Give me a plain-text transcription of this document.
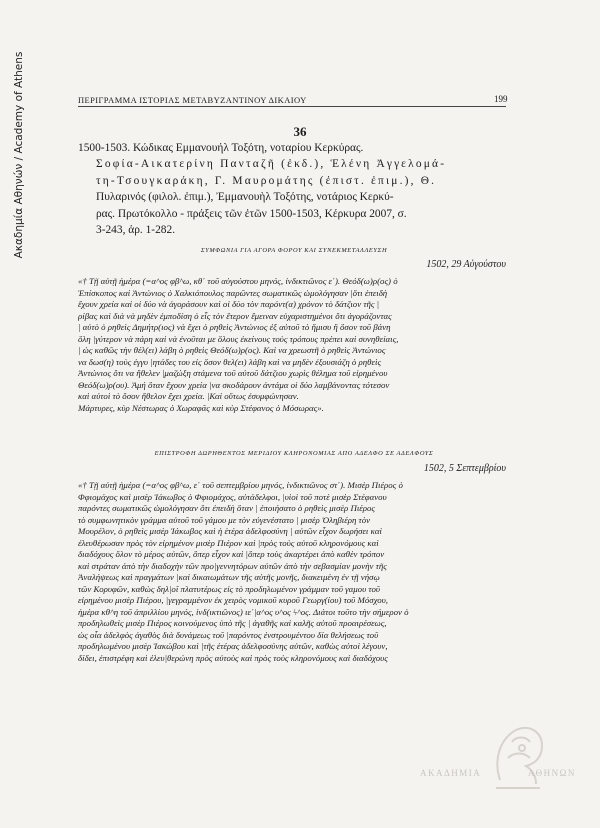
Ακαδημία Αθηνών / Academy of Athens	ΠΕΡΙΓΡΑΜΜΑ ΙΣΤΟΡΙΑΣ ΜΕΤΑΒΥΖΑΝΤΙΝΟΥ ΔΙΚΑΙΟΥ	199
36
1500-1503. Κώδικας Εμμανουήλ Τοξότη, νοταρίου Κερκύρας.
Σοφία-Αικατερίνη Πανταζῆ (ἐκδ.), Ἑλένη Ἀγγελομά-
τη-Τσουγκαράκη, Γ. Μαυρομάτης (ἐπιστ. ἐπιμ.), Θ.
Πυλαρινός (φιλολ. ἐπιμ.), Ἐμμανουὴλ Τοξότης, νοτάριος Κερκύ-
ρας. Πρωτόκολλο - πράξεις τῶν ἐτῶν 1500-1503, Κέρκυρα 2007, σ.
3-243, ἀρ. 1-282.
ΣΥΜΦΩΝΙΑ ΓΙΑ ΑΓΟΡΑ ΦΟΡΟΥ ΚΑΙ ΣΥΝΕΚΜΕΤΑΛΛΕΥΣΗ
1502, 29 Αὐγούστου
«† Τῇ αὐτῇ ἡμέρα (=α^ος φβ^ω, κθ΄ τοῦ αὐγούστου μηνός, ἰνδικτιῶνος ε΄). Θεόδ(ω)ρ(ος) ὁ
Ἐπίσκοπος καὶ Ἀντώνιος ὁ Χαλκιόπουλος παρῶντες σωματικῶς ὡμολόγησαν |ὅτι ἐπειδὴ
ἔχουν χρεία καὶ οἱ δύο νὰ ἀγοράσουν καὶ οἱ δύο τὸν παρόντ(α) χρόνον τὸ δάτζιον τῆς |
ρίβας καὶ διὰ νὰ μηδὲν ἐμποδίση ὁ εἷς τὸν ἕτερον ἔμειναν εὐχαριστημένοι ὅτι ἀγοράζοντας
| αὐτὸ ὁ ρηθεὶς Δημήτρ(ιος) νὰ ἔχει ὁ ρηθεὶς Ἀντώνιος ἐξ αὐτοῦ τὸ ἥμισυ ἢ ὅσον τοῦ βάνη
ὅλη |γύτερον νὰ πάρη καὶ νὰ ἐνοῦται με ὅλους ἐκείνους τοὺς τρόπους πρέπει καὶ συνηθείαις,
| ὡς καθῶς τὴν θέλ(ει) λάβη ὁ ρηθεὶς Θεόδ(ω)ρ(ος). Καὶ να χρεωστῆ ὁ ρηθεὶς Ἀντώνιος
να δωσ(η) τοὺς ἐγγυ |ητάδες του εἰς ὅσον θελ(ει) λάβη καὶ να μηδὲν ἐξουσιάζη ὁ ρηθεὶς
Ἀντώνιος ὅτι να ἤθελεν |μαζώξη στάμενα τοῦ αὐτοῦ δάτζιου χωρὶς θέλημα τοῦ εἰρημένου
Θεόδ(ω)ρ(ου). Ἀμή ὅταν ἔχουν χρεία |να σκοδάρουν ἀντάμα οἱ δύο λαμβάνοντας τότεσον
καὶ αὐτοὶ τὸ ὅσον ἤθελον ἔχει χρεία. |Καὶ οὕτως ἐσυμφώνησαν.
Μάρτυρες, κὺρ Νέστωρας ὁ Χωραφᾶς καὶ κὺρ Στέφανος ὁ Μόσωρας».
ΕΠΙΣΤΡΟΦΗ ΔΩΡΗΘΕΝΤΟΣ ΜΕΡΙΔΙΟΥ ΚΛΗΡΟΝΟΜΙΑΣ ΑΠΟ ΑΔΕΛΦΟ ΣΕ ΑΔΕΛΦΟΥΣ
1502, 5 Σεπτεμβρίου
«† Τῇ αὐτῇ ἡμέρα (=α^ος φβ^ω, ε΄ τοῦ σεπτεμβρίου μηνός, ἰνδικτιῶνος στ΄). Μισὲρ Πιέρος ὁ
Φφιομάχος καὶ μισὲρ Ἰάκωβος ὁ Φφιομάχος, αὐτάδελφοι, |υἱοὶ τοῦ ποτὲ μισὲρ Στέφανου
παρόντες σωματικῶς ὡμολόγησαν ὅτι ἐπειδὴ ὅταν | ἐποιήσατο ὁ ρηθεὶς μισὲρ Πιέρος
τὸ συμφωνητικὸν γράμμα αὐτοῦ τοῦ γάμου με τὸν εὐγενέστατο | μισὲρ Ὀληβιέρη τὸν
Μουρέλον, ὁ ρηθεὶς μισὲρ Ἰάκωβος καὶ ἡ ἑτέρα ἀδελφοσύνη | αὐτῶν εἶχον δωρήσει καὶ
ἐλευθέρωσαν πρὸς τὸν εἰρημένον μισὲρ Πιέρον καὶ |πρὸς τοὺς αὐτοῦ κληρονόμους καὶ
διαδόχους ὅλον τὸ μέρος αὐτῶν, ὅπερ εἶχον καὶ |ὅπερ τοὺς ἀκαρτέρει ἀπὸ καθὲν τρόπον
καὶ στράταν ἀπὸ τὴν διαδοχὴν τῶν προ|γεννητόρων αὐτῶν ἀπὸ τὴν σεβασμίαν μονὴν τῆς
Ἀναλήψεως καὶ πραγμάτων |καὶ δικαιωμάτων τῆς αὐτῆς μονῆς, διακειμένη ἐν τῇ νήσῳ
τῶν Κορυφῶν, καθὼς δηλ|οῖ πλατυτέρως εἰς τὸ προδηλωμένον γράμμαν τοῦ γαμου τοῦ
εἰρημένου μισὲρ Πιέρου, |γεγραμμένον ἐκ χειρὸς νομικοῦ κυροῦ Γεωργ(ίου) τοῦ Μόσχου,
ἡμέρα κθ^η τοῦ ἀπριλλίου μηνός, ἰνδ(ικτιῶνος) ιε΄|α^ος υ^ος ϟ^ος. Διάτοι τοῦτο τὴν σήμερον ὁ
προδηλωθεὶς μισὲρ Πιέρος κοινούμενος ὑπὸ τῆς | ἀγαθῆς καὶ καλῆς αὐτοῦ προαιρέσεως,
ὡς οἷα ἀδελφὸς ἀγαθὸς διὰ δυνάμεως τοῦ |παρόντος ἐνστρουμέντου δία θελήσεως τοῦ
προδηλωμένου μισὲρ Ἰακώβου καὶ |τῆς ἑτέρας ἀδελφοσύνης αὐτῶν, καθὼς αὐτοὶ λέγουν,
δίδει, ἐπιστρέφη καὶ ἐλευ|θερώνη πρὸς αὐτοὺς καὶ πρὸς τοὺς κληρονόμους καὶ διαδόχους
ΑΚΑΔΗΜΙΑ	ΑΘΗΝΩΝ
